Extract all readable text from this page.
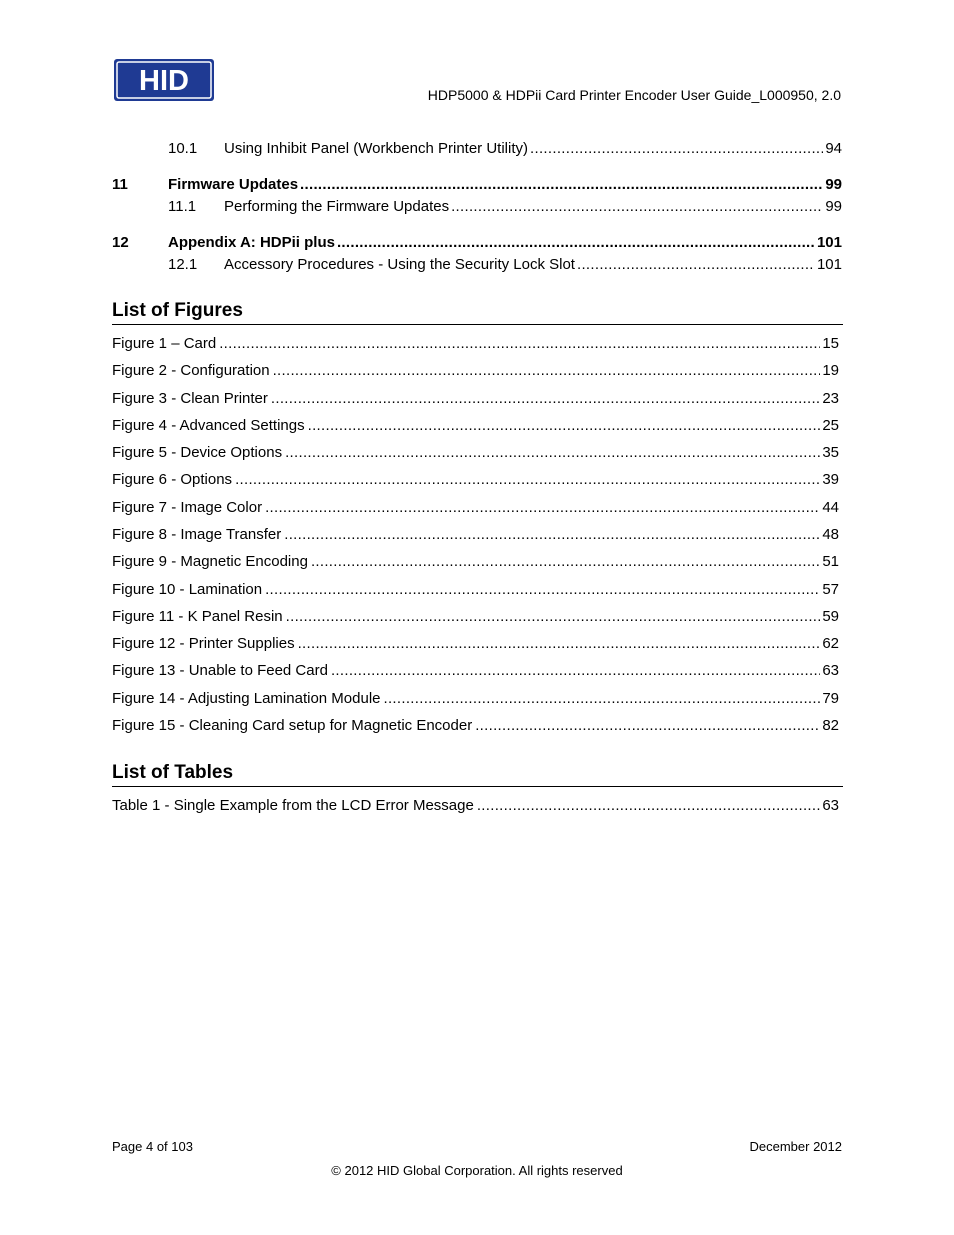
HID	HDP5000 & HDPii Card Printer Encoder User Guide_L000950, 2.0
10.1	Using Inhibit Panel (Workbench Printer Utility) .....	94
11	Firmware Updates .....	99
11.1	Performing the Firmware Updates .....	99
12	Appendix A: HDPii plus .....	101
12.1	Accessory Procedures - Using the Security Lock Slot .....	101
List of Figures
Figure 1 – Card .....	15
Figure 2 - Configuration .....	19
Figure 3 - Clean Printer .....	23
Figure 4 - Advanced Settings .....	25
Figure 5 - Device Options .....	35
Figure 6 - Options .....	39
Figure 7 - Image Color .....	44
Figure 8 - Image Transfer .....	48
Figure 9 - Magnetic Encoding .....	51
Figure 10 - Lamination .....	57
Figure 11 - K Panel Resin .....	59
Figure 12 - Printer Supplies .....	62
Figure 13 - Unable to Feed Card .....	63
Figure 14 - Adjusting Lamination Module .....	79
Figure 15 - Cleaning Card setup for Magnetic Encoder .....	82
List of Tables
Table 1 - Single Example from the LCD Error Message .....	63
Page 4 of 103	December 2012
© 2012 HID Global Corporation. All rights reserved
